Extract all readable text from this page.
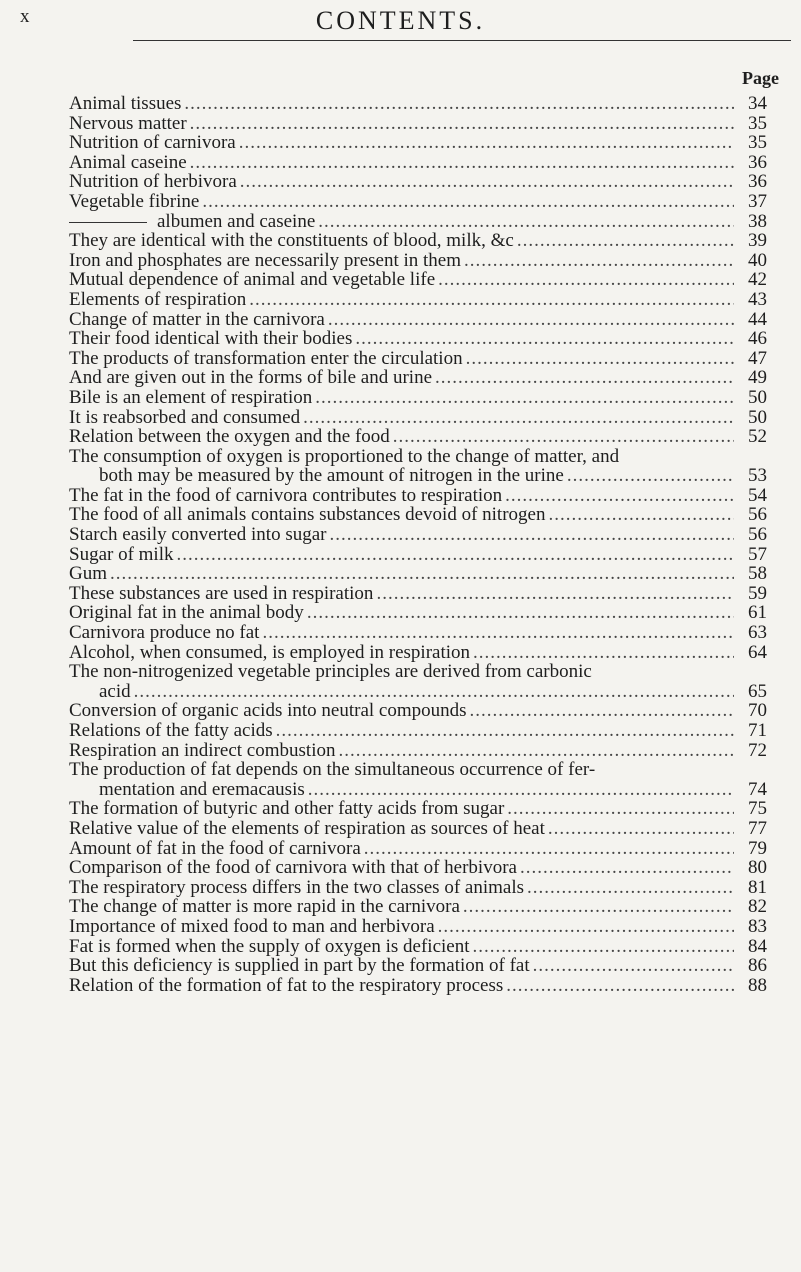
x	CONTENTS.
Page
Animal tissues .....	34
Nervous matter .....	35
Nutrition of carnivora .....	35
Animal caseine .....	36
Nutrition of herbivora .....	36
Vegetable fibrine .....	37
albumen and caseine .....	38
They are identical with the constituents of blood, milk, &c .....	39
Iron and phosphates are necessarily present in them .....	40
Mutual dependence of animal and vegetable life .....	42
Elements of respiration .....	43
Change of matter in the carnivora .....	44
Their food identical with their bodies .....	46
The products of transformation enter the circulation .....	47
And are given out in the forms of bile and urine .....	49
Bile is an element of respiration .....	50
It is reabsorbed and consumed .....	50
Relation between the oxygen and the food .....	52
The consumption of oxygen is proportioned to the change of matter, and
both may be measured by the amount of nitrogen in the urine .....	53
The fat in the food of carnivora contributes to respiration .....	54
The food of all animals contains substances devoid of nitrogen .....	56
Starch easily converted into sugar .....	56
Sugar of milk .....	57
Gum .....	58
These substances are used in respiration .....	59
Original fat in the animal body .....	61
Carnivora produce no fat .....	63
Alcohol, when consumed, is employed in respiration .....	64
The non-nitrogenized vegetable principles are derived from carbonic
acid .....	65
Conversion of organic acids into neutral compounds .....	70
Relations of the fatty acids .....	71
Respiration an indirect combustion .....	72
The production of fat depends on the simultaneous occurrence of fer-
mentation and eremacausis .....	74
The formation of butyric and other fatty acids from sugar .....	75
Relative value of the elements of respiration as sources of heat .....	77
Amount of fat in the food of carnivora .....	79
Comparison of the food of carnivora with that of herbivora .....	80
The respiratory process differs in the two classes of animals .....	81
The change of matter is more rapid in the carnivora .....	82
Importance of mixed food to man and herbivora .....	83
Fat is formed when the supply of oxygen is deficient .....	84
But this deficiency is supplied in part by the formation of fat .....	86
Relation of the formation of fat to the respiratory process .....	88
